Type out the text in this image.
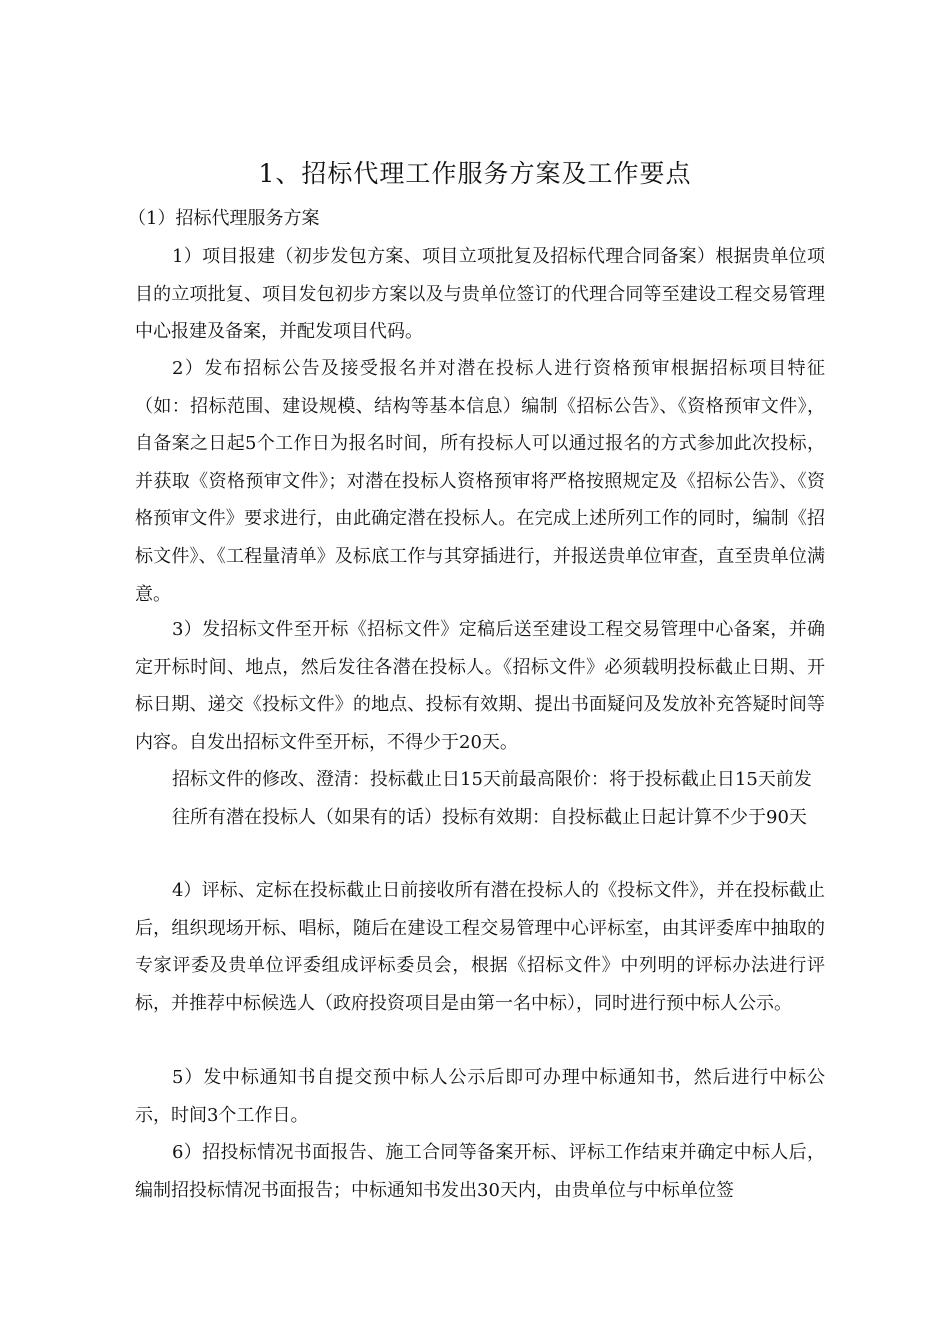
1、招标代理工作服务方案及工作要点
（1）招标代理服务方案
1）项目报建（初步发包方案、项目立项批复及招标代理合同备案）根据贵单位项目的立项批复、项目发包初步方案以及与贵单位签订的代理合同等至建设工程交易管理中心报建及备案，并配发项目代码。
2）发布招标公告及接受报名并对潜在投标人进行资格预审根据招标项目特征（如：招标范围、建设规模、结构等基本信息）编制《招标公告》、《资格预审文件》，自备案之日起5个工作日为报名时间，所有投标人可以通过报名的方式参加此次投标，并获取《资格预审文件》；对潜在投标人资格预审将严格按照规定及《招标公告》、《资格预审文件》要求进行，由此确定潜在投标人。在完成上述所列工作的同时，编制《招标文件》、《工程量清单》及标底工作与其穿插进行，并报送贵单位审查，直至贵单位满意。
3）发招标文件至开标《招标文件》定稿后送至建设工程交易管理中心备案，并确定开标时间、地点，然后发往各潜在投标人。《招标文件》必须载明投标截止日期、开标日期、递交《投标文件》的地点、投标有效期、提出书面疑问及发放补充答疑时间等内容。自发出招标文件至开标，不得少于20天。
招标文件的修改、澄清：投标截止日15天前最高限价：将于投标截止日15天前发往所有潜在投标人（如果有的话）投标有效期：自投标截止日起计算不少于90天
4）评标、定标在投标截止日前接收所有潜在投标人的《投标文件》，并在投标截止后，组织现场开标、唱标，随后在建设工程交易管理中心评标室，由其评委库中抽取的专家评委及贵单位评委组成评标委员会，根据《招标文件》中列明的评标办法进行评标，并推荐中标候选人（政府投资项目是由第一名中标），同时进行预中标人公示。
5）发中标通知书自提交预中标人公示后即可办理中标通知书，然后进行中标公示，时间3个工作日。
6）招投标情况书面报告、施工合同等备案开标、评标工作结束并确定中标人后，编制招投标情况书面报告；中标通知书发出30天内，由贵单位与中标单位签
